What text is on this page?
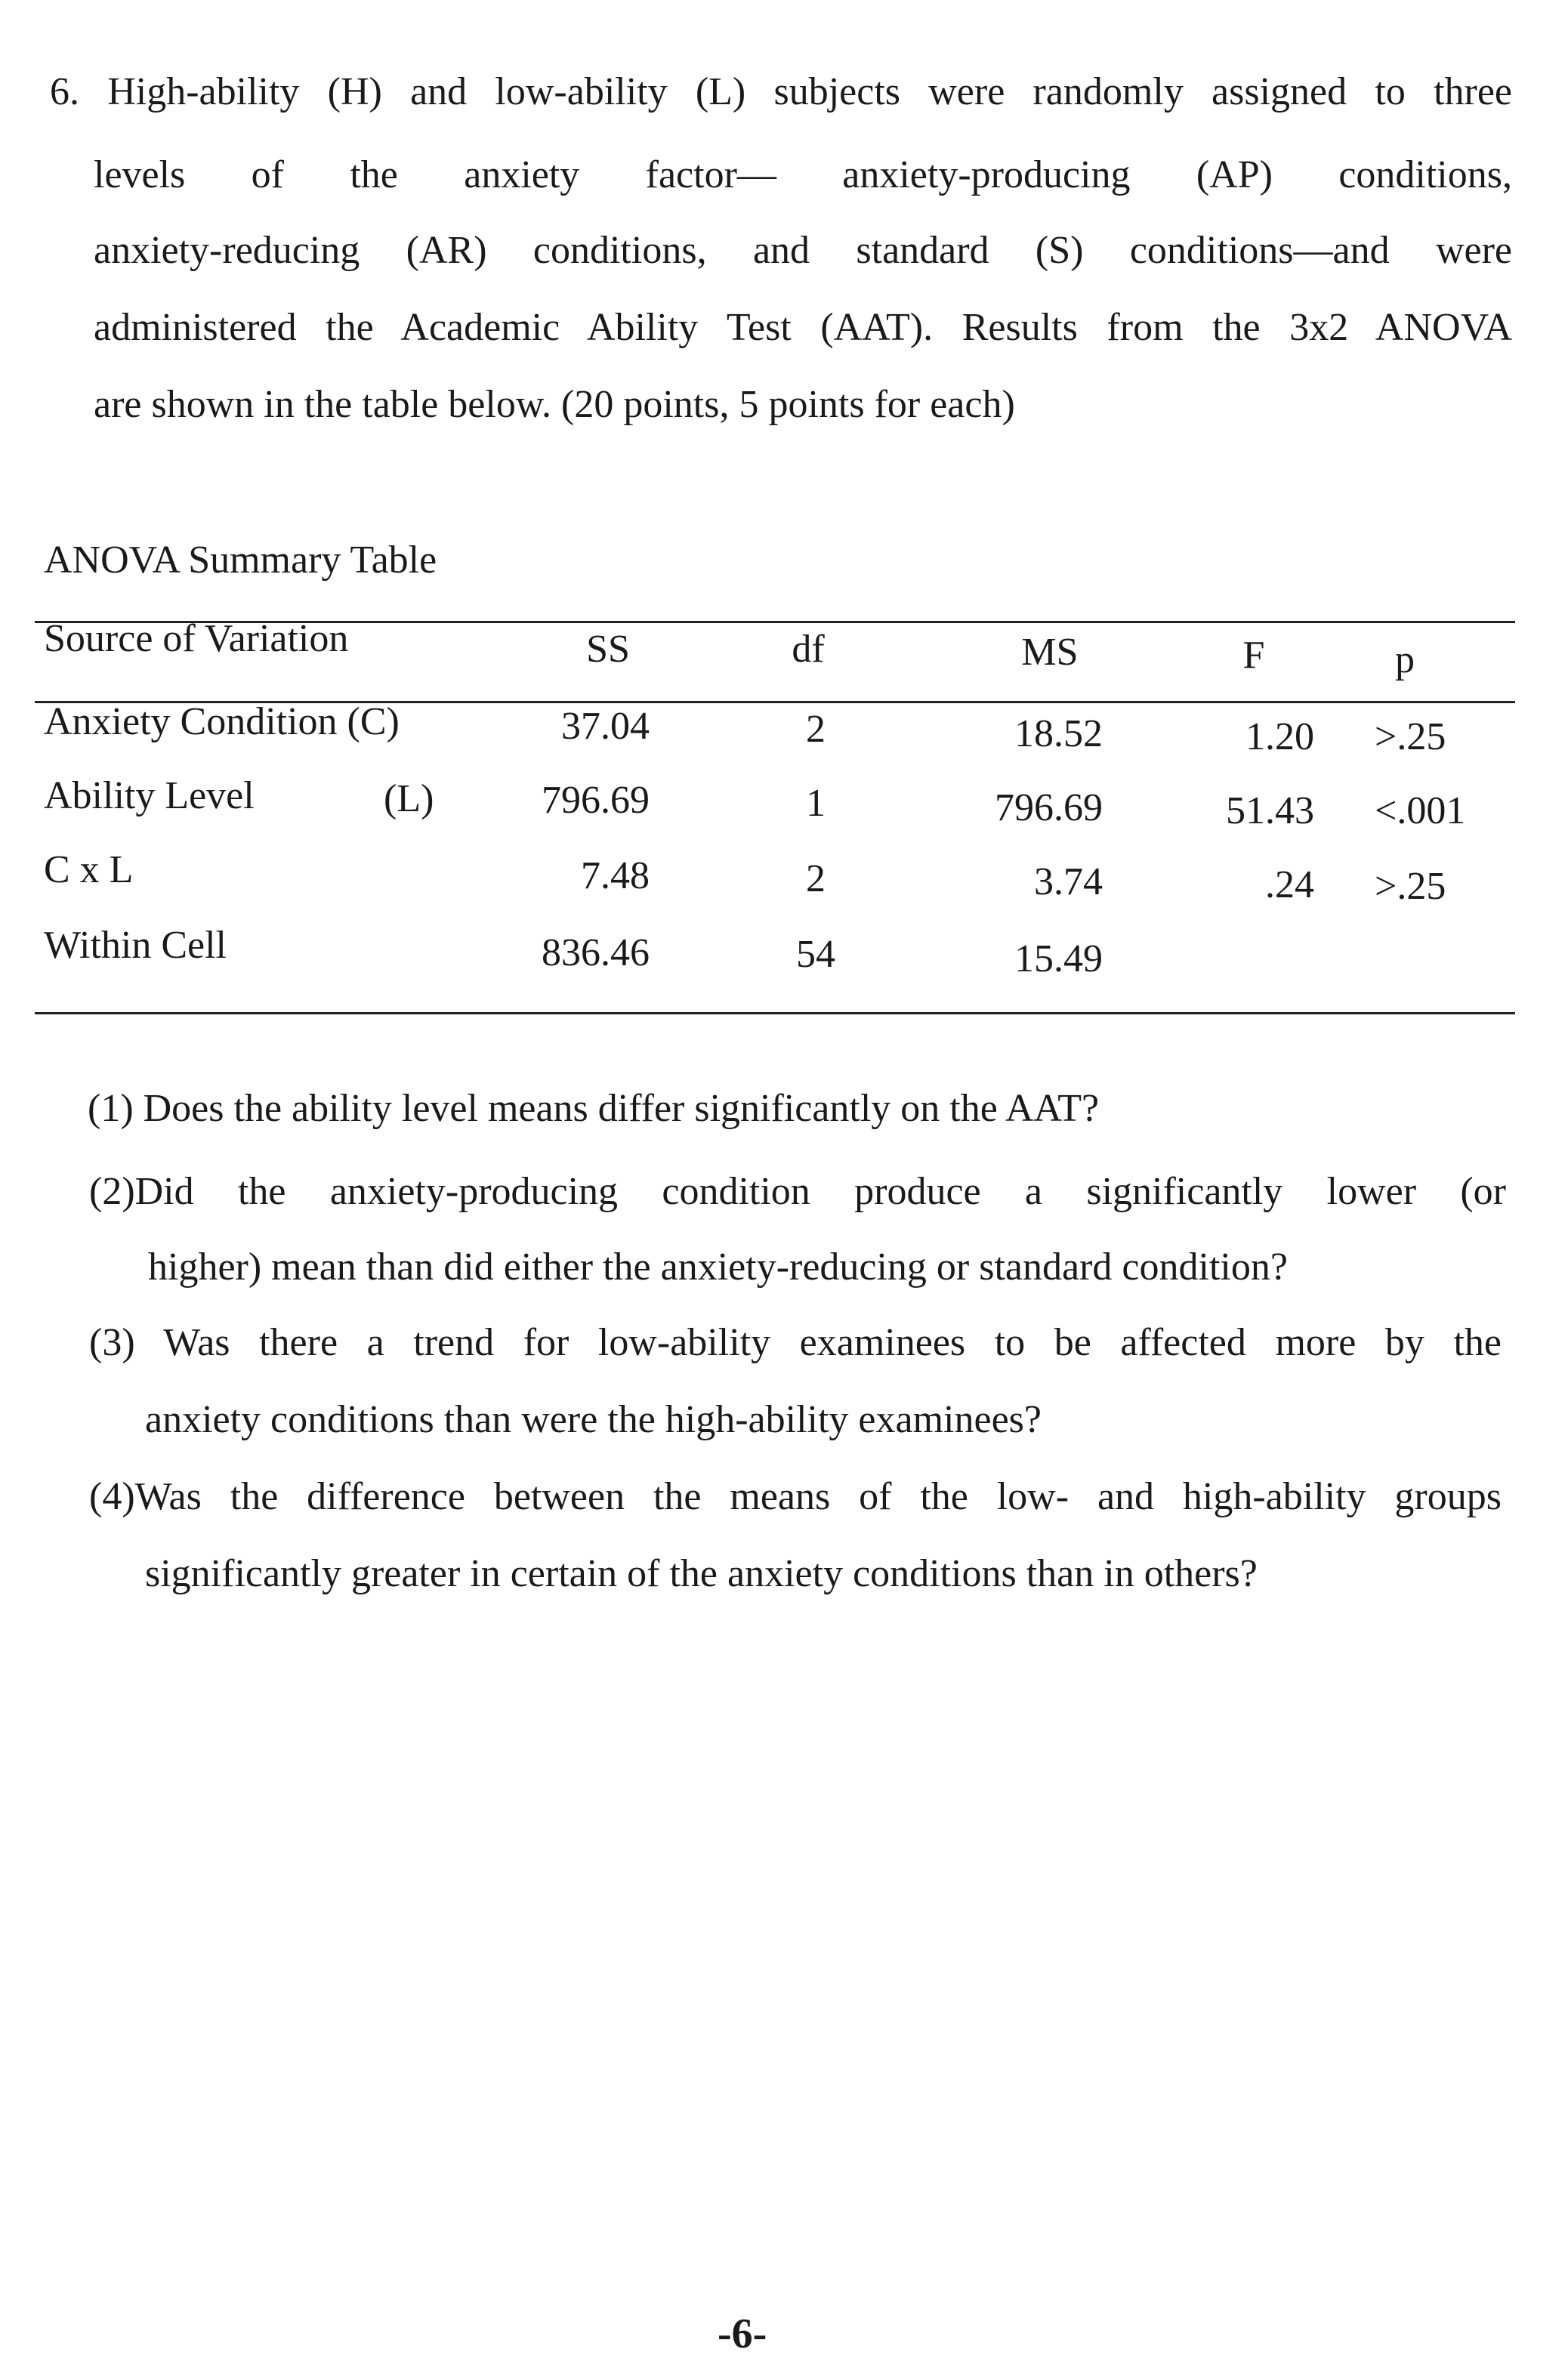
6. High-ability (H) and low-ability (L) subjects were randomly assigned to three
levels of the anxiety factor— anxiety-producing (AP) conditions,
anxiety-reducing (AR) conditions, and standard (S) conditions—and were
administered the Academic Ability Test (AAT). Results from the 3x2 ANOVA
are shown in the table below. (20 points, 5 points for each)
ANOVA Summary Table
Source of Variation	SS	df	MS	F	p
Anxiety Condition (C)	37.04	2	18.52	1.20 >.25
Ability Level	(L)	796.69	1	796.69	51.43 <.001
C x L	7.48	2	3.74	.24 >.25
Within Cell	836.46	54	15.49
(1) Does the ability level means differ significantly on the AAT?
(2)Did the anxiety-producing condition produce a significantly lower (or
higher) mean than did either the anxiety-reducing or standard condition?
(3) Was there a trend for low-ability examinees to be affected more by the
anxiety conditions than were the high-ability examinees?
(4)Was the difference between the means of the low- and high-ability groups
significantly greater in certain of the anxiety conditions than in others?
-6-
